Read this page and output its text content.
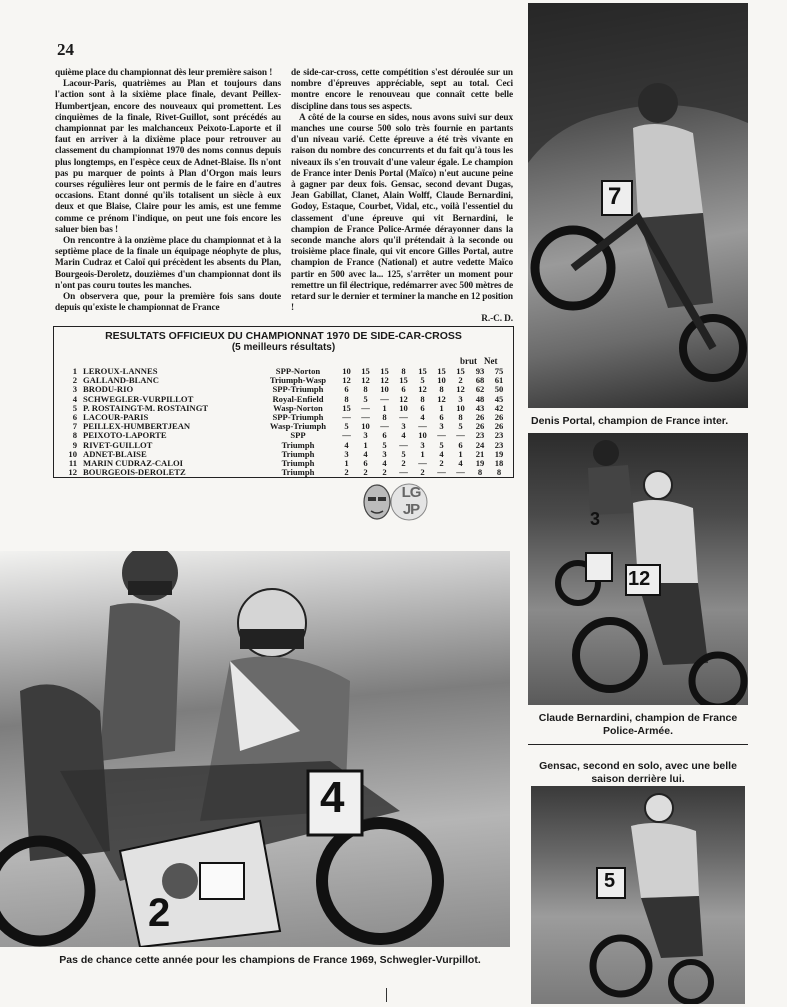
24

quième place du championnat dès leur première saison !

Lacour-Paris, quatrièmes au Plan et toujours dans l'action sont à la sixième place finale, devant Peillex-Humbertjean, encore des nouveaux qui promettent. Les cinquièmes de la finale, Rivet-Guillot, sont précédés au championnat par les malchanceux Peixoto-Laporte et il faut en arriver à la dixième place pour retrouver au classement du championnat 1970 des noms connus depuis plus longtemps, en l'espèce ceux de Adnet-Blaise. Ils n'ont pas pu marquer de points à Plan d'Orgon mais leurs courses régulières leur ont permis de le faire en d'autres occasions. Etant donné qu'ils totalisent un siècle à eux deux et que Blaise, Claire pour les amis, est une femme comme ce prénom l'indique, on peut une fois encore les saluer bien bas !

On rencontre à la onzième place du championnat et à la septième place de la finale un équipage néophyte de plus, Marin Cudraz et Caloï qui précèdent les absents du Plan, Bourgeois-Deroletz, douzièmes d'un championnat dont ils n'ont pas couru toutes les manches.

On observera que, pour la première fois sans doute depuis qu'existe le championnat de France

de side-car-cross, cette compétition s'est déroulée sur un nombre d'épreuves appréciable, sept au total. Ceci montre encore le renouveau que connaît cette belle discipline dans tous ses aspects.

A côté de la course en sides, nous avons suivi sur deux manches une course 500 solo très fournie en partants d'un niveau varié. Cette épreuve a été très vivante en raison du nombre des concurrents et du fait qu'à tous les niveaux ils s'en trouvait d'une valeur égale. Le champion de France inter Denis Portal (Maïco) n'eut aucune peine à gagner par deux fois. Gensac, second devant Dugas, Jean Gabillat, Clanet, Alain Wolff, Claude Bernardini, Godoy, Estaque, Courbet, Vidal, etc., voilà l'essentiel du classement d'une épreuve qui vit Bernardini, le champion de France Police-Armée dérayonner dans la seconde manche alors qu'il prétendait à la seconde ou troisième place finale, qui vit encore Gilles Portal, autre champion de France (National) et autre vedette Maïco partir en 500 avec la... 125, s'arrêter un moment pour remettre un fil électrique, redémarrer avec 500 mètres de retard sur le dernier et terminer la manche en 12 position !

R.-C. D.
RESULTATS OFFICIEUX DU CHAMPIONNAT 1970 DE SIDE-CAR-CROSS
(5 meilleurs résultats)
brut Net
1	LEROUX-LANNES	SPP-Norton	10	15	15	8	15	15	15	93	75
2	GALLAND-BLANC	Triumph-Wasp	12	12	12	15	5	10	2	68	61
3	BRODU-RIO	SPP-Triumph	6	8	10	6	12	8	12	62	50
4	SCHWEGLER-VURPILLOT	Royal-Enfield	8	5	—	12	8	12	3	48	45
5	P. ROSTAINGT-M. ROSTAINGT	Wasp-Norton	15	—	1	10	6	1	10	43	42
6	LACOUR-PARIS	SPP-Triumph	—	—	8	—	4	6	8	26	26
7	PEILLEX-HUMBERTJEAN	Wasp-Triumph	5	10	—	3	—	3	5	26	26
8	PEIXOTO-LAPORTE	SPP	—	3	6	4	10	—	—	23	23
9	RIVET-GUILLOT	Triumph	4	1	5	—	3	5	6	24	23
10	ADNET-BLAISE	Triumph	3	4	3	5	1	4	1	21	19
11	MARIN CUDRAZ-CALOI	Triumph	1	6	4	2	—	2	4	19	18
12	BOURGEOIS-DEROLETZ	Triumph	2	2	2	—	2	—	—	8	8
LG JP
7
Denis Portal, champion de France inter.
3
12
Claude Bernardini, champion de France Police-Armée.
Gensac, second en solo, avec une belle saison derrière lui.
5
4
2
Pas de chance cette année pour les champions de France 1969, Schwegler-Vurpillot.
